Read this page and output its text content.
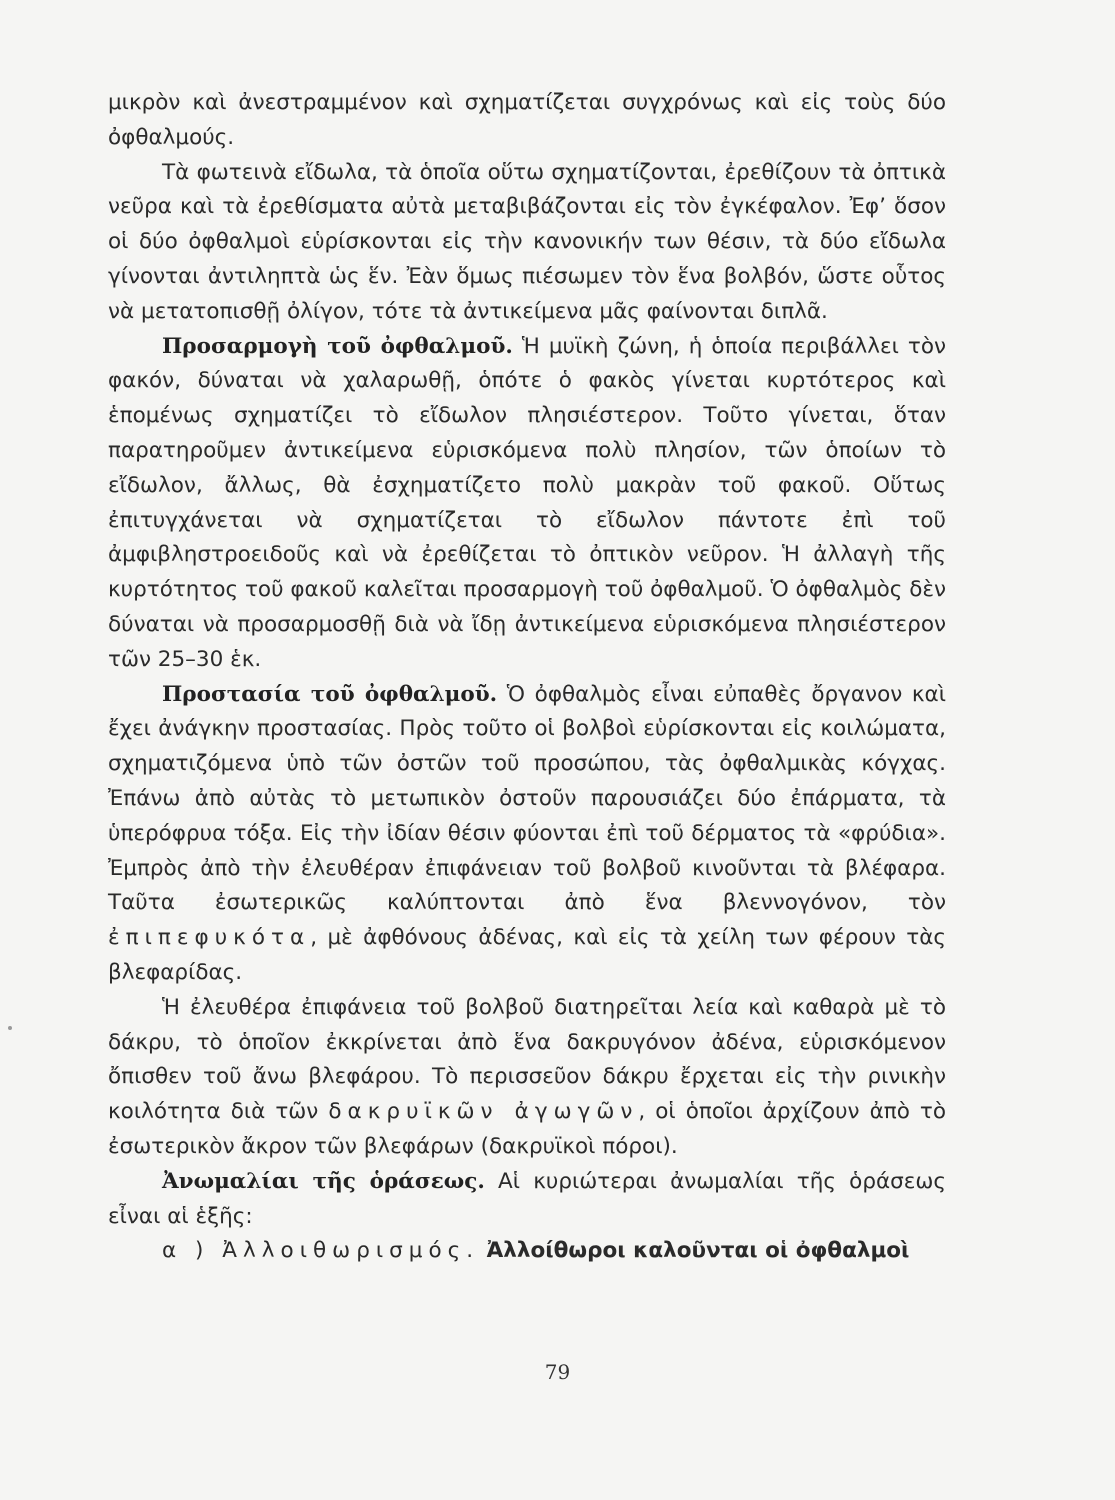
μικρὸν καὶ ἀνεστραμμένον καὶ σχηματίζεται συγχρόνως καὶ εἰς τοὺς δύο ὀφθαλμούς.

Τὰ φωτεινὰ εἴδωλα, τὰ ὁποῖα οὕτω σχηματίζονται, ἐρεθίζουν τὰ ὀπτικὰ νεῦρα καὶ τὰ ἐρεθίσματα αὐτὰ μεταβιβάζονται εἰς τὸν ἐγκέφαλον. Ἐφ’ ὅσον οἱ δύο ὀφθαλμοὶ εὑρίσκονται εἰς τὴν κανονικήν των θέσιν, τὰ δύο εἴδωλα γίνονται ἀντιληπτὰ ὡς ἕν. Ἐὰν ὅμως πιέσωμεν τὸν ἕνα βολβόν, ὥστε οὗτος νὰ μετατοπισθῇ ὀλίγον, τότε τὰ ἀντικείμενα μᾶς φαίνονται διπλᾶ.

Προσαρμογὴ τοῦ ὀφθαλμοῦ. Ἡ μυϊκὴ ζώνη, ἡ ὁποία περιβάλλει τὸν φακόν, δύναται νὰ χαλαρωθῇ, ὁπότε ὁ φακὸς γίνεται κυρτότερος καὶ ἑπομένως σχηματίζει τὸ εἴδωλον πλησιέστερον. Τοῦτο γίνεται, ὅταν παρατηροῦμεν ἀντικείμενα εὑρισκόμενα πολὺ πλησίον, τῶν ὁποίων τὸ εἴδωλον, ἄλλως, θὰ ἐσχηματίζετο πολὺ μακρὰν τοῦ φακοῦ. Οὕτως ἐπιτυγχάνεται νὰ σχηματίζεται τὸ εἴδωλον πάντοτε ἐπὶ τοῦ ἀμφιβληστροειδοῦς καὶ νὰ ἐρεθίζεται τὸ ὀπτικὸν νεῦρον. Ἡ ἀλλαγὴ τῆς κυρτότητος τοῦ φακοῦ καλεῖται προσαρμογὴ τοῦ ὀφθαλμοῦ. Ὁ ὀφθαλμὸς δὲν δύναται νὰ προσαρμοσθῇ διὰ νὰ ἴδῃ ἀντικείμενα εὑρισκόμενα πλησιέστερον τῶν 25–30 ἑκ.

Προστασία τοῦ ὀφθαλμοῦ. Ὁ ὀφθαλμὸς εἶναι εὐπαθὲς ὄργανον καὶ ἔχει ἀνάγκην προστασίας. Πρὸς τοῦτο οἱ βολβοὶ εὑρίσκονται εἰς κοιλώματα, σχηματιζόμενα ὑπὸ τῶν ὀστῶν τοῦ προσώπου, τὰς ὀφθαλμικὰς κόγχας. Ἐπάνω ἀπὸ αὐτὰς τὸ μετωπικὸν ὀστοῦν παρουσιάζει δύο ἐπάρματα, τὰ ὑπερόφρυα τόξα. Εἰς τὴν ἰδίαν θέσιν φύονται ἐπὶ τοῦ δέρματος τὰ «φρύδια». Ἐμπρὸς ἀπὸ τὴν ἐλευθέραν ἐπιφάνειαν τοῦ βολβοῦ κινοῦνται τὰ βλέφαρα. Ταῦτα ἐσωτερικῶς καλύπτονται ἀπὸ ἕνα βλεννογόνον, τὸν ἐπιπεφυκότα, μὲ ἀφθόνους ἀδένας, καὶ εἰς τὰ χείλη των φέρουν τὰς βλεφαρίδας.

Ἡ ἐλευθέρα ἐπιφάνεια τοῦ βολβοῦ διατηρεῖται λεία καὶ καθαρὰ μὲ τὸ δάκρυ, τὸ ὁποῖον ἐκκρίνεται ἀπὸ ἕνα δακρυγόνον ἀδένα, εὑρισκόμενον ὄπισθεν τοῦ ἄνω βλεφάρου. Τὸ περισσεῦον δάκρυ ἔρχεται εἰς τὴν ρινικὴν κοιλότητα διὰ τῶν δακρυϊκῶν ἀγωγῶν, οἱ ὁποῖοι ἀρχίζουν ἀπὸ τὸ ἐσωτερικὸν ἄκρον τῶν βλεφάρων (δακρυϊκοὶ πόροι).

Ἀνωμαλίαι τῆς ὁράσεως. Αἱ κυριώτεραι ἀνωμαλίαι τῆς ὁράσεως εἶναι αἱ ἑξῆς:

α ) Ἀλλοιθωρισμός. Ἀλλοίθωροι καλοῦνται οἱ ὀφθαλμοὶ

79
